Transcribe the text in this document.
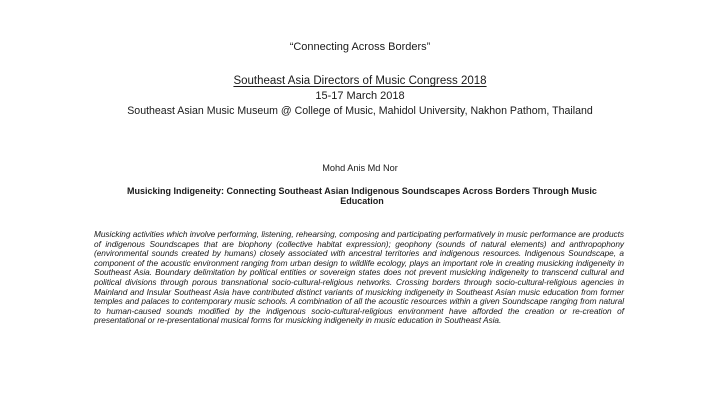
“Connecting Across Borders”
Southeast Asia Directors of Music Congress 2018
15-17 March 2018
Southeast Asian Music Museum @ College of Music, Mahidol University, Nakhon Pathom, Thailand
Mohd Anis Md Nor
Musicking Indigeneity: Connecting Southeast Asian Indigenous Soundscapes Across Borders Through Music Education

Musicking activities which involve performing, listening, rehearsing, composing and participating performatively in music performance are products of indigenous Soundscapes that are biophony (collective habitat expression); geophony (sounds of natural elements) and anthropophony (environmental sounds created by humans) closely associated with ancestral territories and indigenous resources. Indigenous Soundscape, a component of the acoustic environment ranging from urban design to wildlife ecology, plays an important role in creating musicking indigeneity in Southeast Asia. Boundary delimitation by political entities or sovereign states does not prevent musicking indigeneity to transcend cultural and political divisions through porous transnational socio-cultural-religious networks. Crossing borders through socio-cultural-religious agencies in Mainland and Insular Southeast Asia have contributed distinct variants of musicking indigeneity in Southeast Asian music education from former temples and palaces to contemporary music schools. A combination of all the acoustic resources within a given Soundscape ranging from natural to human-caused sounds modified by the indigenous socio-cultural-religious environment have afforded the creation or re-creation of presentational or re-presentational musical forms for musicking indigeneity in music education in Southeast Asia.
